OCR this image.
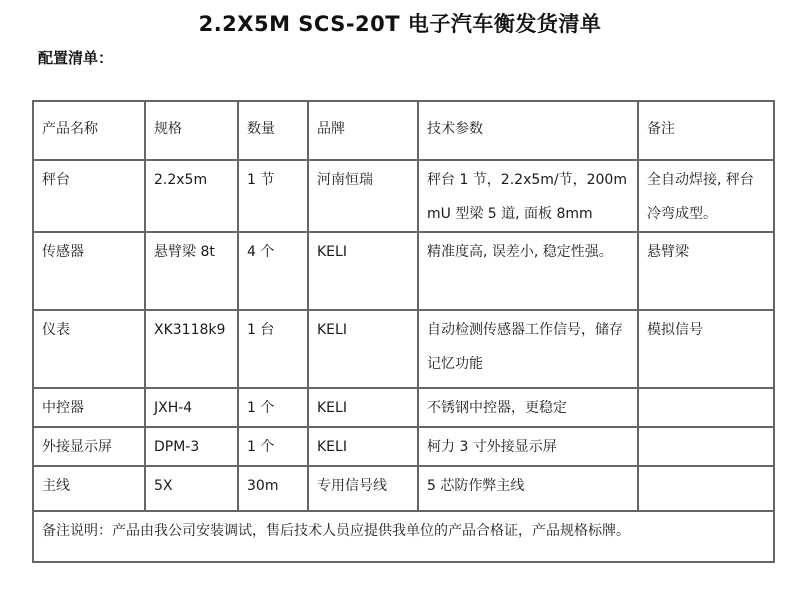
2.2X5M SCS-20T 电子汽车衡发货清单
配置清单：
产品名称	规格	数量	品牌	技术参数	备注
秤台	2.2x5m	1 节	河南恒瑞	秤台 1 节，2.2x5m/节，200mmU 型梁 5 道, 面板 8mm	全自动焊接, 秤台冷弯成型。
传感器	悬臂梁 8t	4 个	KELI	精准度高, 误差小, 稳定性强。	悬臂梁
仪表	XK3118k9	1 台	KELI	自动检测传感器工作信号，储存记忆功能	模拟信号
中控器	JXH-4	1 个	KELI	不锈钢中控器，更稳定	
外接显示屏	DPM-3	1 个	KELI	柯力 3 寸外接显示屏	
主线	5X	30m	专用信号线	5 芯防作弊主线	
备注说明：产品由我公司安装调试，售后技术人员应提供我单位的产品合格证，产品规格标牌。					
